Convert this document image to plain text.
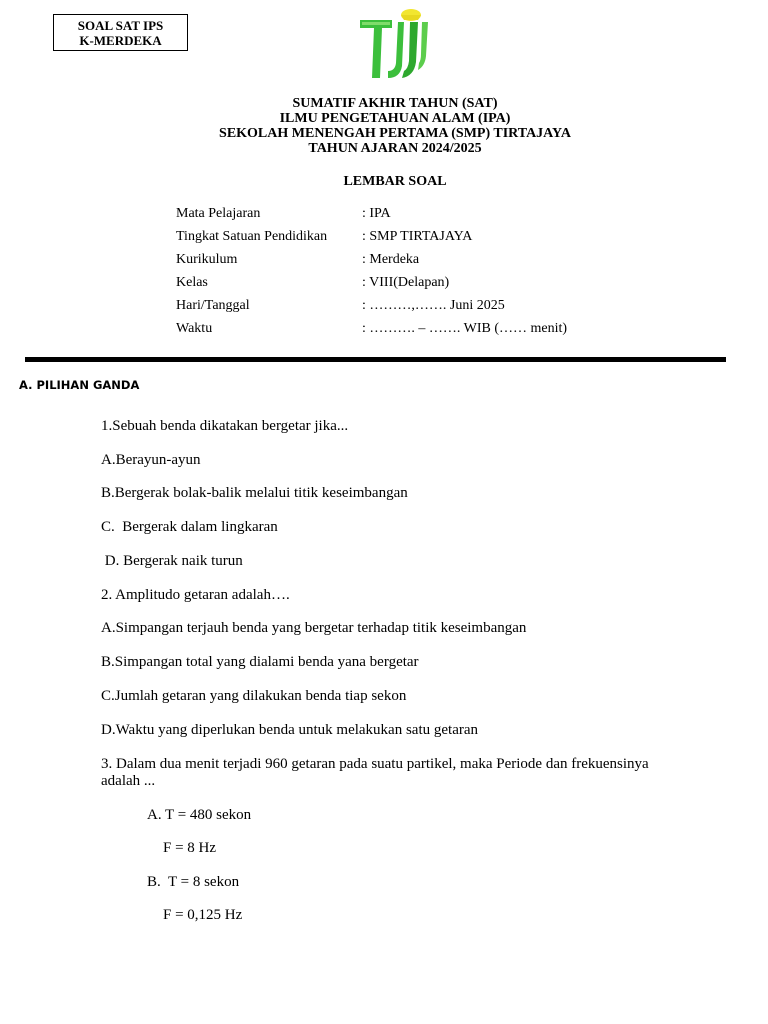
SOAL SAT IPS
K-MERDEKA
SUMATIF AKHIR TAHUN (SAT)
ILMU PENGETAHUAN ALAM (IPA)
SEKOLAH MENENGAH PERTAMA (SMP) TIRTAJAYA
TAHUN AJARAN 2024/2025
LEMBAR SOAL
Mata Pelajaran	: IPA
Tingkat Satuan Pendidikan : SMP TIRTAJAYA
Kurikulum	: Merdeka
Kelas	: VIII(Delapan)
Hari/Tanggal	: ………,……. Juni 2025
Waktu	: ………. – ……. WIB (…… menit)
A. PILIHAN GANDA
1.Sebuah benda dikatakan bergetar jika...
A.Berayun-ayun
B.Bergerak bolak-balik melalui titik keseimbangan
C.  Bergerak dalam lingkaran
D. Bergerak naik turun
2. Amplitudo getaran adalah….
A.Simpangan terjauh benda yang bergetar terhadap titik keseimbangan
B.Simpangan total yang dialami benda yana bergetar
C.Jumlah getaran yang dilakukan benda tiap sekon
D.Waktu yang diperlukan benda untuk melakukan satu getaran
3. Dalam dua menit terjadi 960 getaran pada suatu partikel, maka Periode dan frekuensinya adalah ...
A. T = 480 sekon
F = 8 Hz
B.  T = 8 sekon
F = 0,125 Hz
